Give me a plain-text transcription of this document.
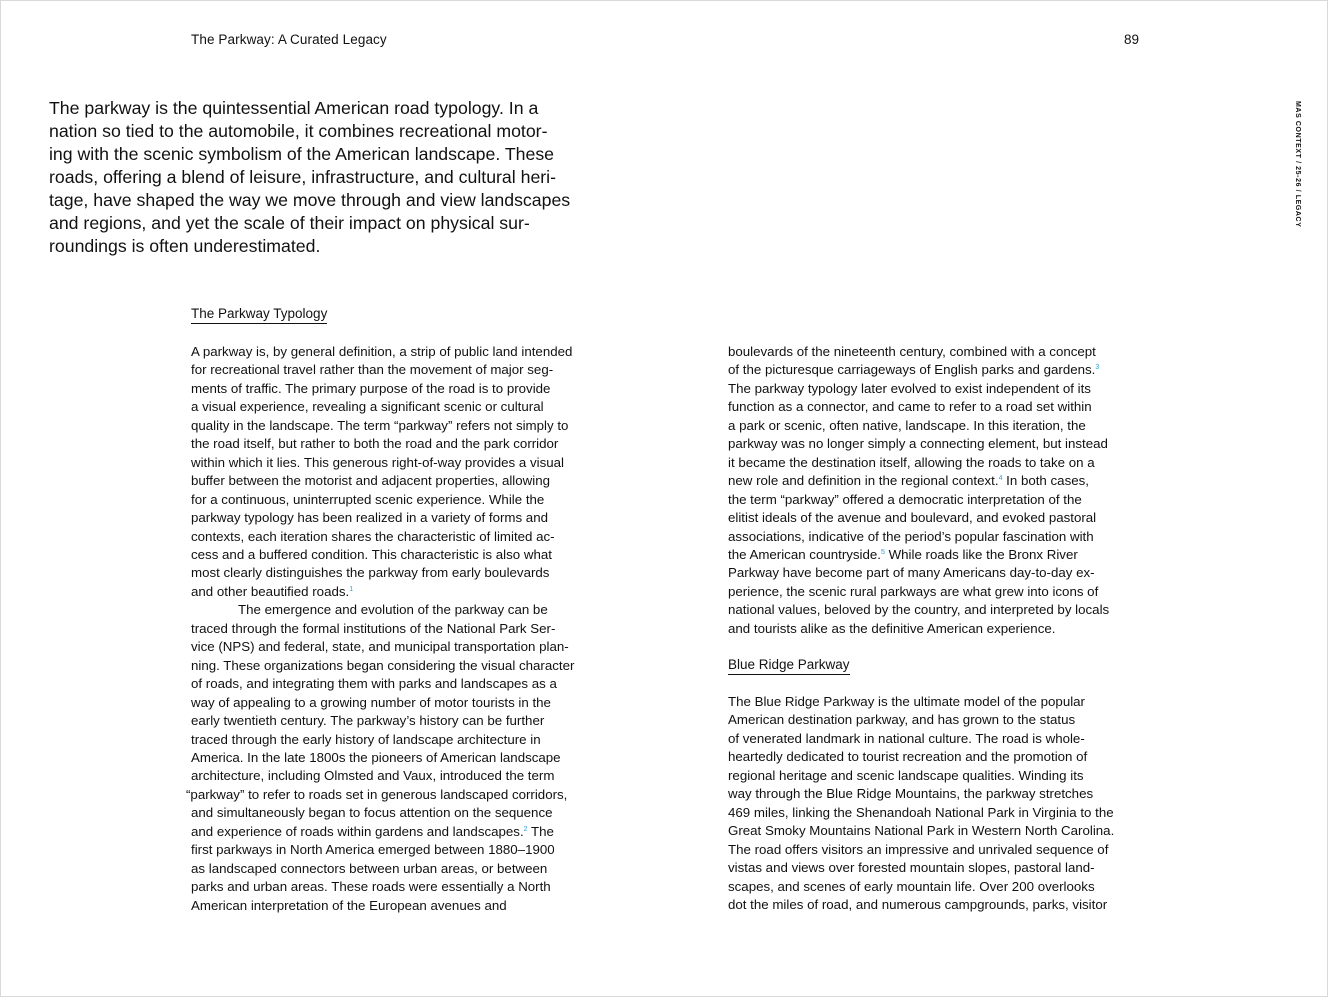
The Parkway: A Curated Legacy	89
MAS CONTEXT / 25-26 / LEGACY
The parkway is the quintessential American road typology. In a
nation so tied to the automobile, it combines recreational motor-
ing with the scenic symbolism of the American landscape. These
roads, offering a blend of leisure, infrastructure, and cultural heri-
tage, have shaped the way we move through and view landscapes
and regions, and yet the scale of their impact on physical sur-
roundings is often underestimated.
The Parkway Typology
A parkway is, by general definition, a strip of public land intended
for recreational travel rather than the movement of major seg-
ments of traffic. The primary purpose of the road is to provide
a visual experience, revealing a significant scenic or cultural
quality in the landscape. The term “parkway” refers not simply to
the road itself, but rather to both the road and the park corridor
within which it lies. This generous right-of-way provides a visual
buffer between the motorist and adjacent properties, allowing
for a continuous, uninterrupted scenic experience. While the
parkway typology has been realized in a variety of forms and
contexts, each iteration shares the characteristic of limited ac-
cess and a buffered condition. This characteristic is also what
most clearly distinguishes the parkway from early boulevards
and other beautified roads.$^1$
The emergence and evolution of the parkway can be
traced through the formal institutions of the National Park Ser-
vice (NPS) and federal, state, and municipal transportation plan-
ning. These organizations began considering the visual character
of roads, and integrating them with parks and landscapes as a
way of appealing to a growing number of motor tourists in the
early twentieth century. The parkway’s history can be further
traced through the early history of landscape architecture in
America. In the late 1800s the pioneers of American landscape
architecture, including Olmsted and Vaux, introduced the term
“parkway” to refer to roads set in generous landscaped corridors,
and simultaneously began to focus attention on the sequence
and experience of roads within gardens and landscapes.$^2$ The
first parkways in North America emerged between 1880–1900
as landscaped connectors between urban areas, or between
parks and urban areas. These roads were essentially a North
American interpretation of the European avenues and
boulevards of the nineteenth century, combined with a concept
of the picturesque carriageways of English parks and gardens.$^3$
The parkway typology later evolved to exist independent of its
function as a connector, and came to refer to a road set within
a park or scenic, often native, landscape. In this iteration, the
parkway was no longer simply a connecting element, but instead
it became the destination itself, allowing the roads to take on a
new role and definition in the regional context.$^4$ In both cases,
the term “parkway” offered a democratic interpretation of the
elitist ideals of the avenue and boulevard, and evoked pastoral
associations, indicative of the period’s popular fascination with
the American countryside.$^5$ While roads like the Bronx River
Parkway have become part of many Americans day-to-day ex-
perience, the scenic rural parkways are what grew into icons of
national values, beloved by the country, and interpreted by locals
and tourists alike as the definitive American experience.
Blue Ridge Parkway
The Blue Ridge Parkway is the ultimate model of the popular
American destination parkway, and has grown to the status
of venerated landmark in national culture. The road is whole-
heartedly dedicated to tourist recreation and the promotion of
regional heritage and scenic landscape qualities. Winding its
way through the Blue Ridge Mountains, the parkway stretches
469 miles, linking the Shenandoah National Park in Virginia to the
Great Smoky Mountains National Park in Western North Carolina.
The road offers visitors an impressive and unrivaled sequence of
vistas and views over forested mountain slopes, pastoral land-
scapes, and scenes of early mountain life. Over 200 overlooks
dot the miles of road, and numerous campgrounds, parks, visitor
